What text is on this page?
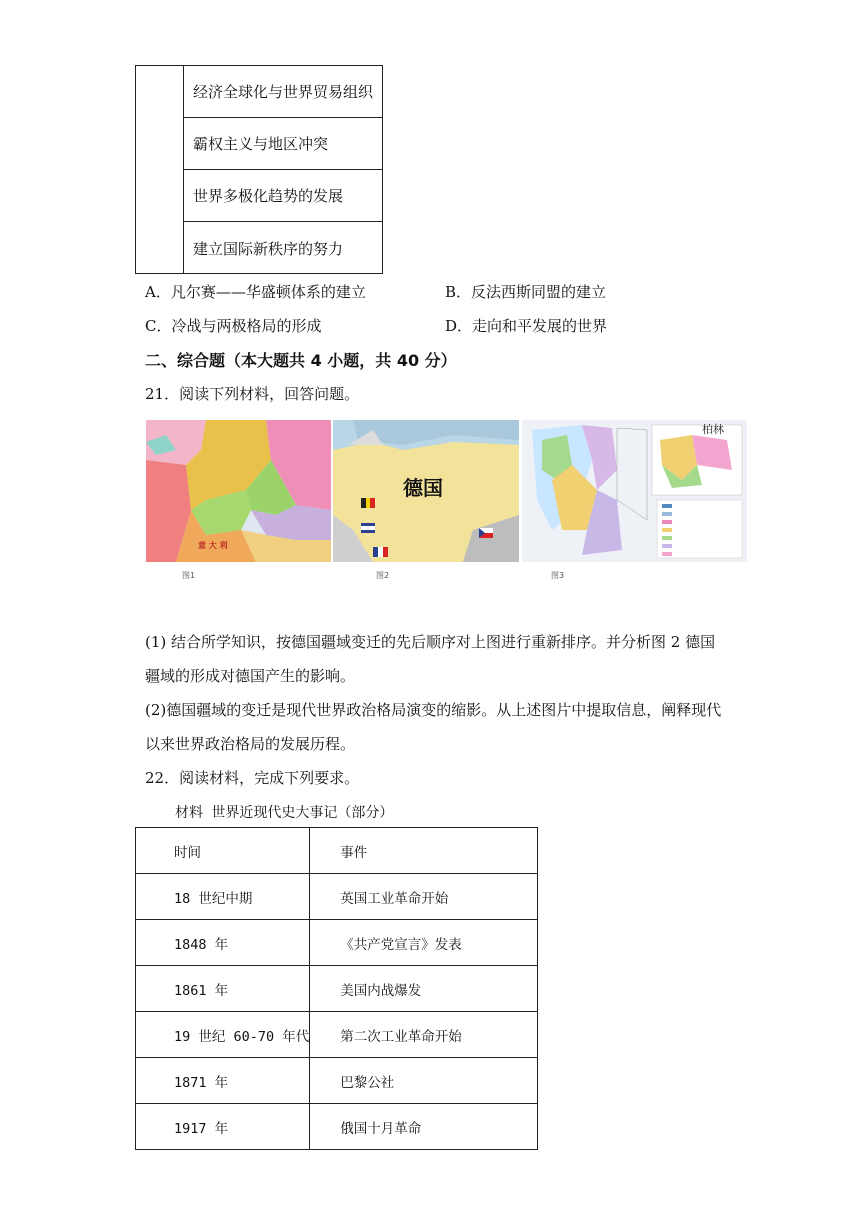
经济全球化与世界贸易组织
霸权主义与地区冲突
世界多极化趋势的发展
建立国际新秩序的努力
A．凡尔赛——华盛顿体系的建立	B．反法西斯同盟的建立
C．冷战与两极格局的形成	D．走向和平发展的世界
二、综合题（本大题共 4 小题，共 40 分）
21．阅读下列材料，回答问题。
意 大 利
图1
德国
图2
柏林
图3
(1) 结合所学知识，按德国疆域变迁的先后顺序对上图进行重新排序。并分析图 2 德国
疆域的形成对德国产生的影响。
(2)德国疆域的变迁是现代世界政治格局演变的缩影。从上述图片中提取信息，阐释现代
以来世界政治格局的发展历程。
22．阅读材料，完成下列要求。
材料 世界近现代史大事记（部分）
时间	事件
18 世纪中期	英国工业革命开始
1848 年	《共产党宣言》发表
1861 年	美国内战爆发
19 世纪 60-70 年代	第二次工业革命开始
1871 年	巴黎公社
1917 年	俄国十月革命
